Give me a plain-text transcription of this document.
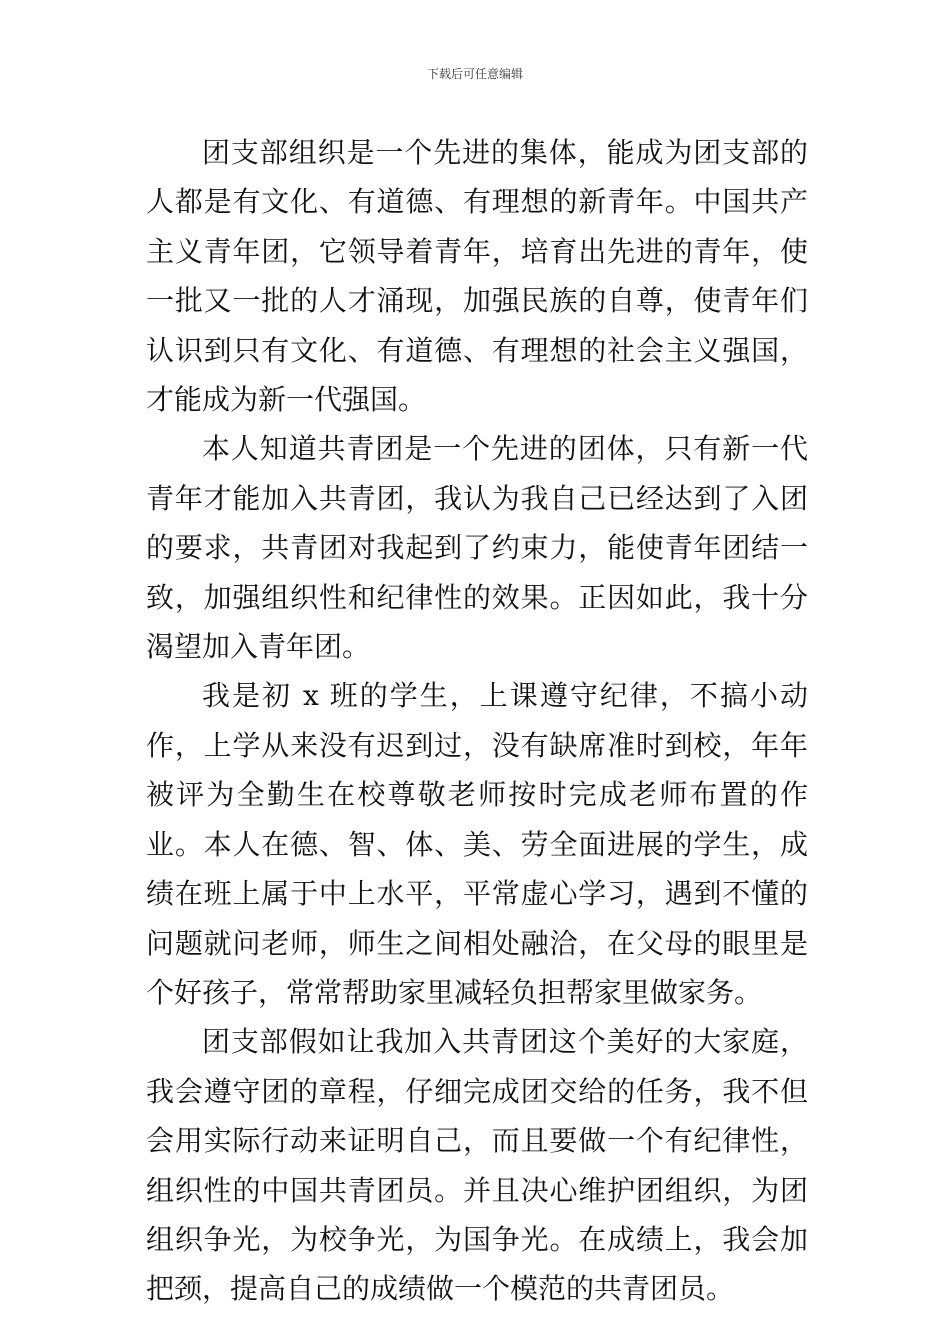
下载后可任意编辑

团支部组织是一个先进的集体，能成为团支部的人都是有文化、有道德、有理想的新青年。中国共产主义青年团，它领导着青年，培育出先进的青年，使一批又一批的人才涌现，加强民族的自尊，使青年们认识到只有文化、有道德、有理想的社会主义强国，才能成为新一代强国。

本人知道共青团是一个先进的团体，只有新一代青年才能加入共青团，我认为我自己已经达到了入团的要求，共青团对我起到了约束力，能使青年团结一致，加强组织性和纪律性的效果。正因如此，我十分渴望加入青年团。

我是初 x 班的学生，上课遵守纪律，不搞小动作，上学从来没有迟到过，没有缺席准时到校，年年被评为全勤生在校尊敬老师按时完成老师布置的作业。本人在德、智、体、美、劳全面进展的学生，成绩在班上属于中上水平，平常虚心学习，遇到不懂的问题就问老师，师生之间相处融洽，在父母的眼里是个好孩子，常常帮助家里减轻负担帮家里做家务。

团支部假如让我加入共青团这个美好的大家庭，我会遵守团的章程，仔细完成团交给的任务，我不但会用实际行动来证明自己，而且要做一个有纪律性，组织性的中国共青团员。并且决心维护团组织，为团组织争光，为校争光，为国争光。在成绩上，我会加把颈，提高自己的成绩做一个模范的共青团员。
